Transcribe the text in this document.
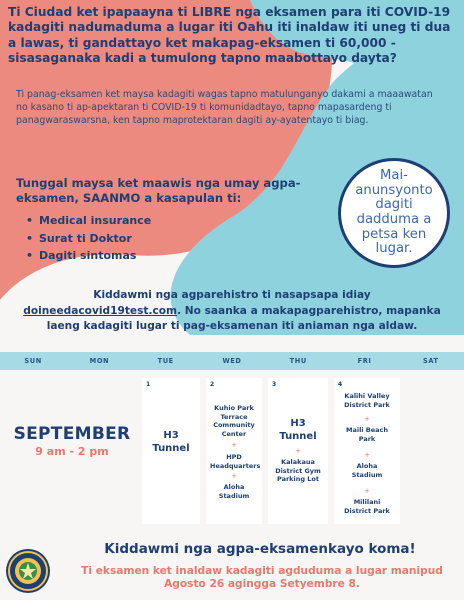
Ti Ciudad ket ipapaayna ti LIBRE nga eksamen para iti COVID-19 kadagiti nadumaduma a lugar iti Oahu iti inaldaw iti uneg ti dua a lawas, ti gandattayo ket makapag-eksamen ti 60,000 - sisasaganaka kadi a tumulong tapno maabottayo dayta?
Ti panag-eksamen ket maysa kadagiti wagas tapno matulunganyo dakami a maaawatan no kasano ti ap-apektaran ti COVID-19 ti komunidadtayo, tapno mapasardeng ti panagwaraswarsna, ken tapno maprotektaran dagiti ay-ayatentayo ti biag.
Tunggal maysa ket maawis nga umay agpa-eksamen, SAANMO a kasapulan ti:
• Medical insurance
• Surat ti Doktor
• Dagiti sintomas
Mai-anunsyonto dagiti dadduma a petsa ken lugar.
Kiddawmi nga agparehistro ti nasapsapa idiay
doineedacovid19test.com. No saanka a makapagparehistro, mapanka laeng kadagiti lugar ti pag-eksamenan iti aniaman nga aldaw.
SUN	MON	TUE	WED	THU	FRI	SAT
SEPTEMBER
9 am - 2 pm
1
H3 Tunnel
2
Kuhio Park Terrace Community Center
+
HPD Headquarters
+
Aloha Stadium
3
H3 Tunnel
+
Kalakaua District Gym Parking Lot
4
Kalihi Valley District Park
+
Maili Beach Park
+
Aloha Stadium
+
Mililani District Park
Kiddawmi nga agpa-eksamenkayo koma!
Ti eksamen ket inaldaw kadagiti agduduma a lugar manipud Agosto 26 agingga Setyembre 8.
